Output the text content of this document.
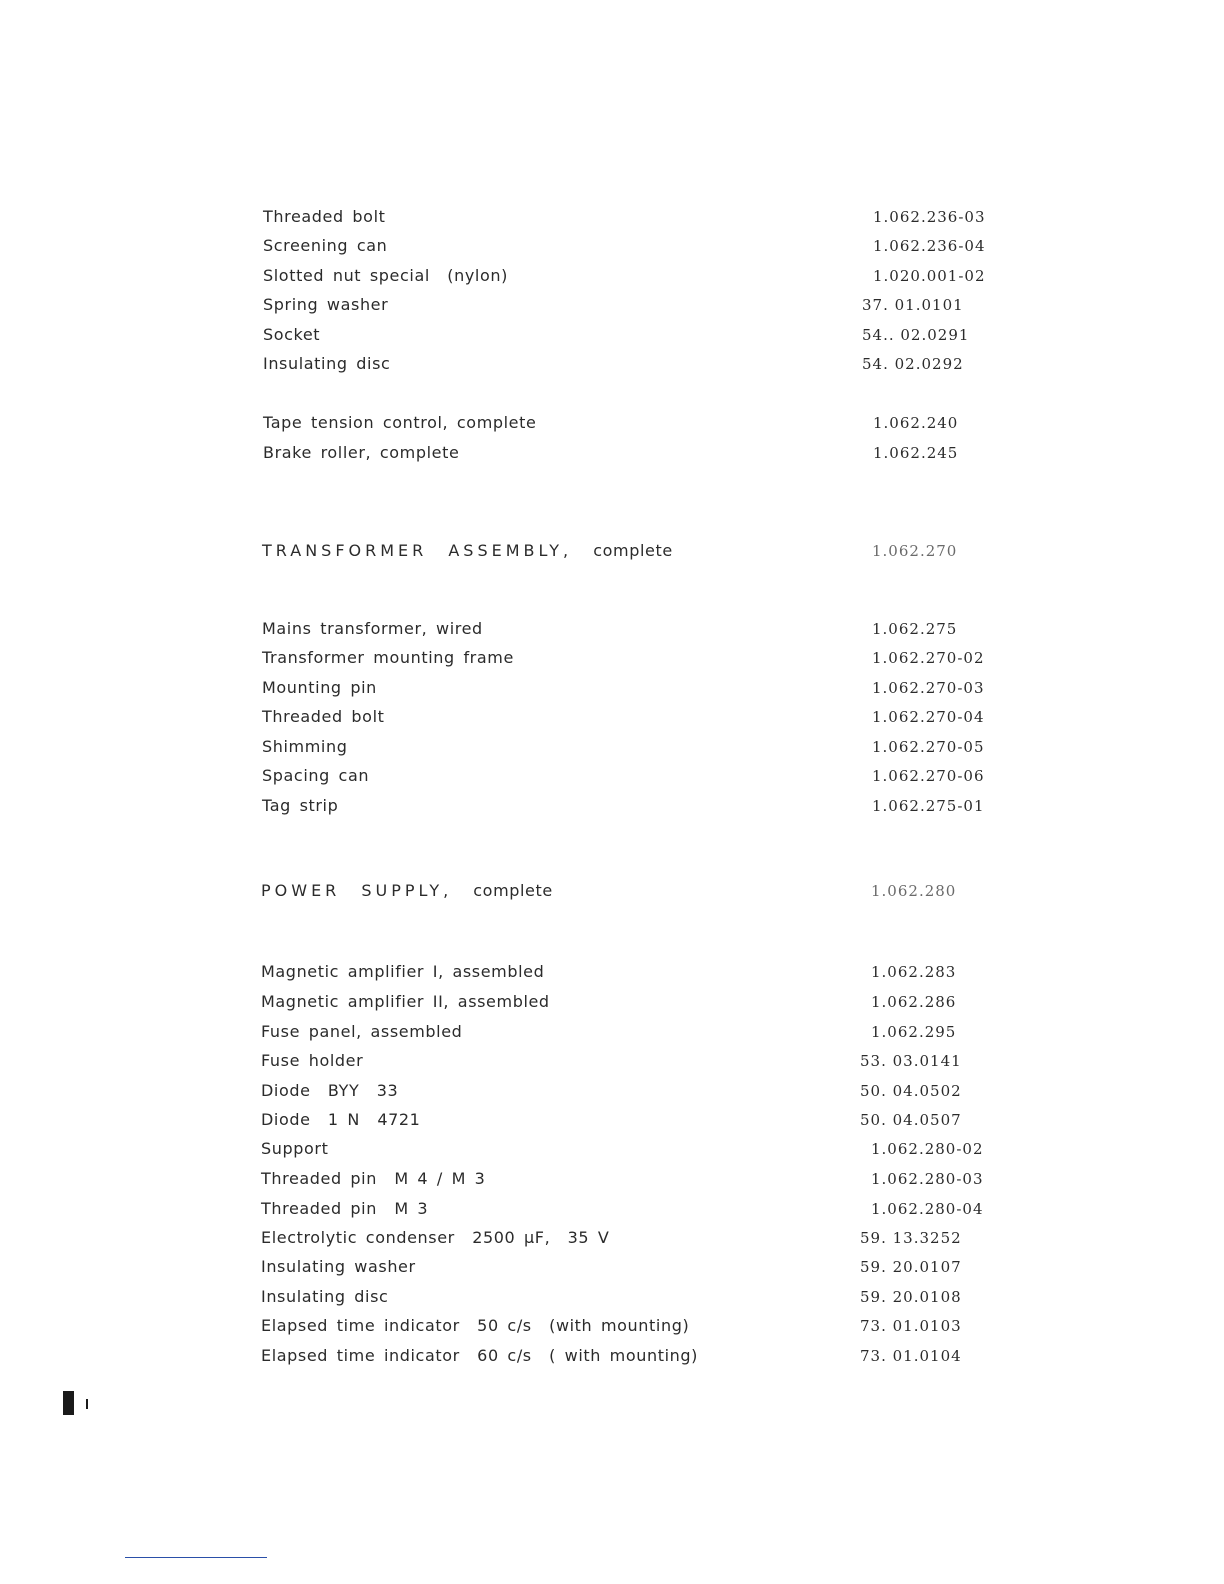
Threaded bolt	1.062.236-03
Screening can	1.062.236-04
Slotted nut special  (nylon)	1.020.001-02
Spring washer	37. 01.0101
Socket	54.. 02.0291
Insulating disc	54. 02.0292
Tape tension control, complete	1.062.240
Brake roller, complete	1.062.245
TRANSFORMER ASSEMBLY, complete	1.062.270
Mains transformer, wired	1.062.275
Transformer mounting frame	1.062.270-02
Mounting pin	1.062.270-03
Threaded bolt	1.062.270-04
Shimming	1.062.270-05
Spacing can	1.062.270-06
Tag strip	1.062.275-01
POWER SUPPLY, complete	1.062.280
Magnetic amplifier I, assembled	1.062.283
Magnetic amplifier II, assembled	1.062.286
Fuse panel, assembled	1.062.295
Fuse holder	53. 03.0141
Diode  BYY  33	50. 04.0502
Diode  1 N  4721	50. 04.0507
Support	1.062.280-02
Threaded pin  M 4 / M 3	1.062.280-03
Threaded pin  M 3	1.062.280-04
Electrolytic condenser  2500 µF,  35 V	59. 13.3252
Insulating washer	59. 20.0107
Insulating disc	59. 20.0108
Elapsed time indicator  50 c/s  (with mounting)	73. 01.0103
Elapsed time indicator  60 c/s  ( with mounting)	73. 01.0104
